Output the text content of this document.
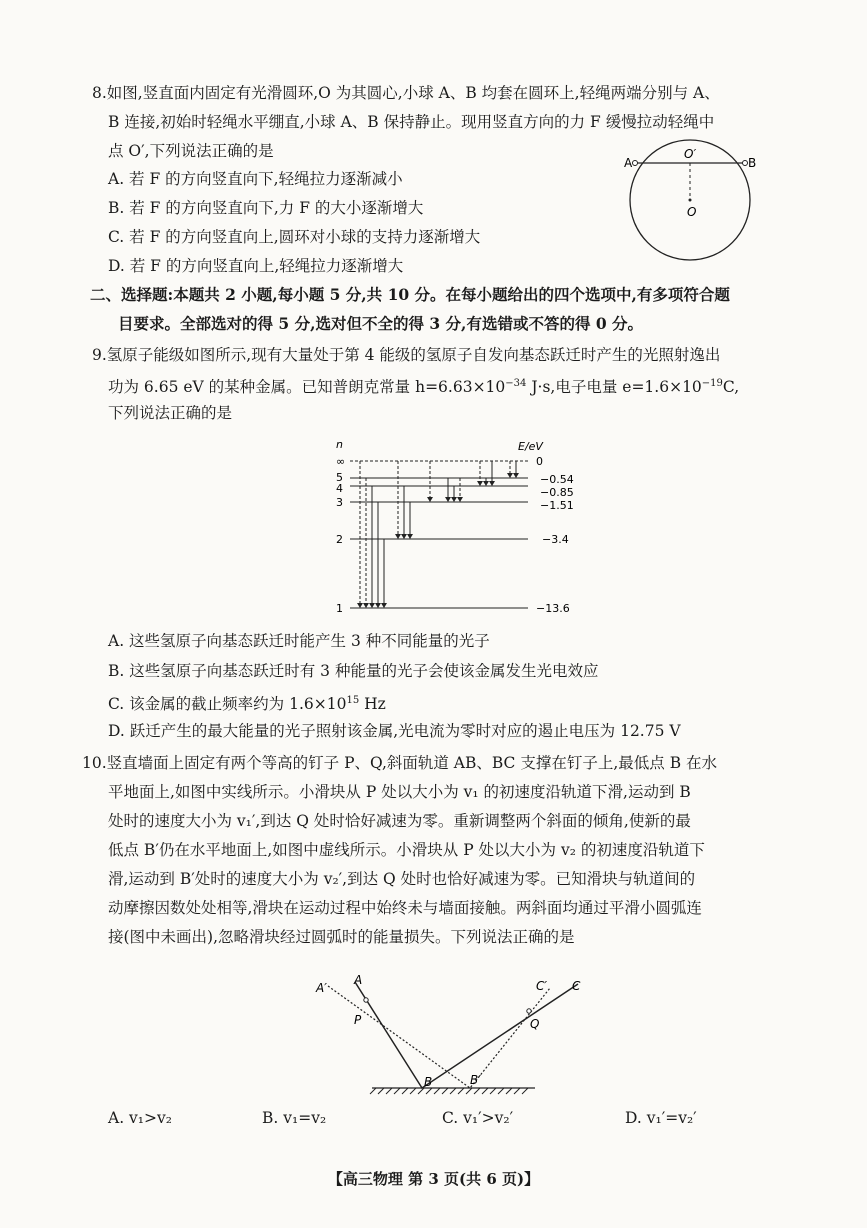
8.如图,竖直面内固定有光滑圆环,O 为其圆心,小球 A、B 均套在圆环上,轻绳两端分别与 A、
B 连接,初始时轻绳水平绷直,小球 A、B 保持静止。现用竖直方向的力 F 缓慢拉动轻绳中
点 O′,下列说法正确的是
A. 若 F 的方向竖直向下,轻绳拉力逐渐减小
B. 若 F 的方向竖直向下,力 F 的大小逐渐增大
C. 若 F 的方向竖直向上,圆环对小球的支持力逐渐增大
D. 若 F 的方向竖直向上,轻绳拉力逐渐增大
A	B
O′
O
二、选择题:本题共 2 小题,每小题 5 分,共 10 分。在每小题给出的四个选项中,有多项符合题
目要求。全部选对的得 5 分,选对但不全的得 3 分,有选错或不答的得 0 分。
9.氢原子能级如图所示,现有大量处于第 4 能级的氢原子自发向基态跃迁时产生的光照射逸出
功为 6.65 eV 的某种金属。已知普朗克常量 $h=6.63\times 10^{-34}$ J·s,电子电量 $e=1.6\times 10^{-19}C$,
下列说法正确的是
n	E/eV
∞	0
5	−0.54
4	−0.85
3	−1.51
2	−3.4
1	−13.6
A. 这些氢原子向基态跃迁时能产生 3 种不同能量的光子
B. 这些氢原子向基态跃迁时有 3 种能量的光子会使该金属发生光电效应
C. 该金属的截止频率约为 $1.6\times 10^{15}$ Hz
D. 跃迁产生的最大能量的光子照射该金属,光电流为零时对应的遏止电压为 12.75 V
10.竖直墙面上固定有两个等高的钉子 P、Q,斜面轨道 AB、BC 支撑在钉子上,最低点 B 在水
平地面上,如图中实线所示。小滑块从 P 处以大小为 v₁ 的初速度沿轨道下滑,运动到 B
处时的速度大小为 v₁′,到达 Q 处时恰好减速为零。重新调整两个斜面的倾角,使新的最
低点 B′仍在水平地面上,如图中虚线所示。小滑块从 P 处以大小为 v₂ 的初速度沿轨道下
滑,运动到 B′处时的速度大小为 v₂′,到达 Q 处时也恰好减速为零。已知滑块与轨道间的
动摩擦因数处处相等,滑块在运动过程中始终未与墙面接触。两斜面均通过平滑小圆弧连
接(图中未画出),忽略滑块经过圆弧时的能量损失。下列说法正确的是
A′
A
P
B	B′
Q
C′ C
A. v₁>v₂	B. v₁=v₂	C. v₁′>v₂′	D. v₁′=v₂′
【高三物理 第 3 页(共 6 页)】
